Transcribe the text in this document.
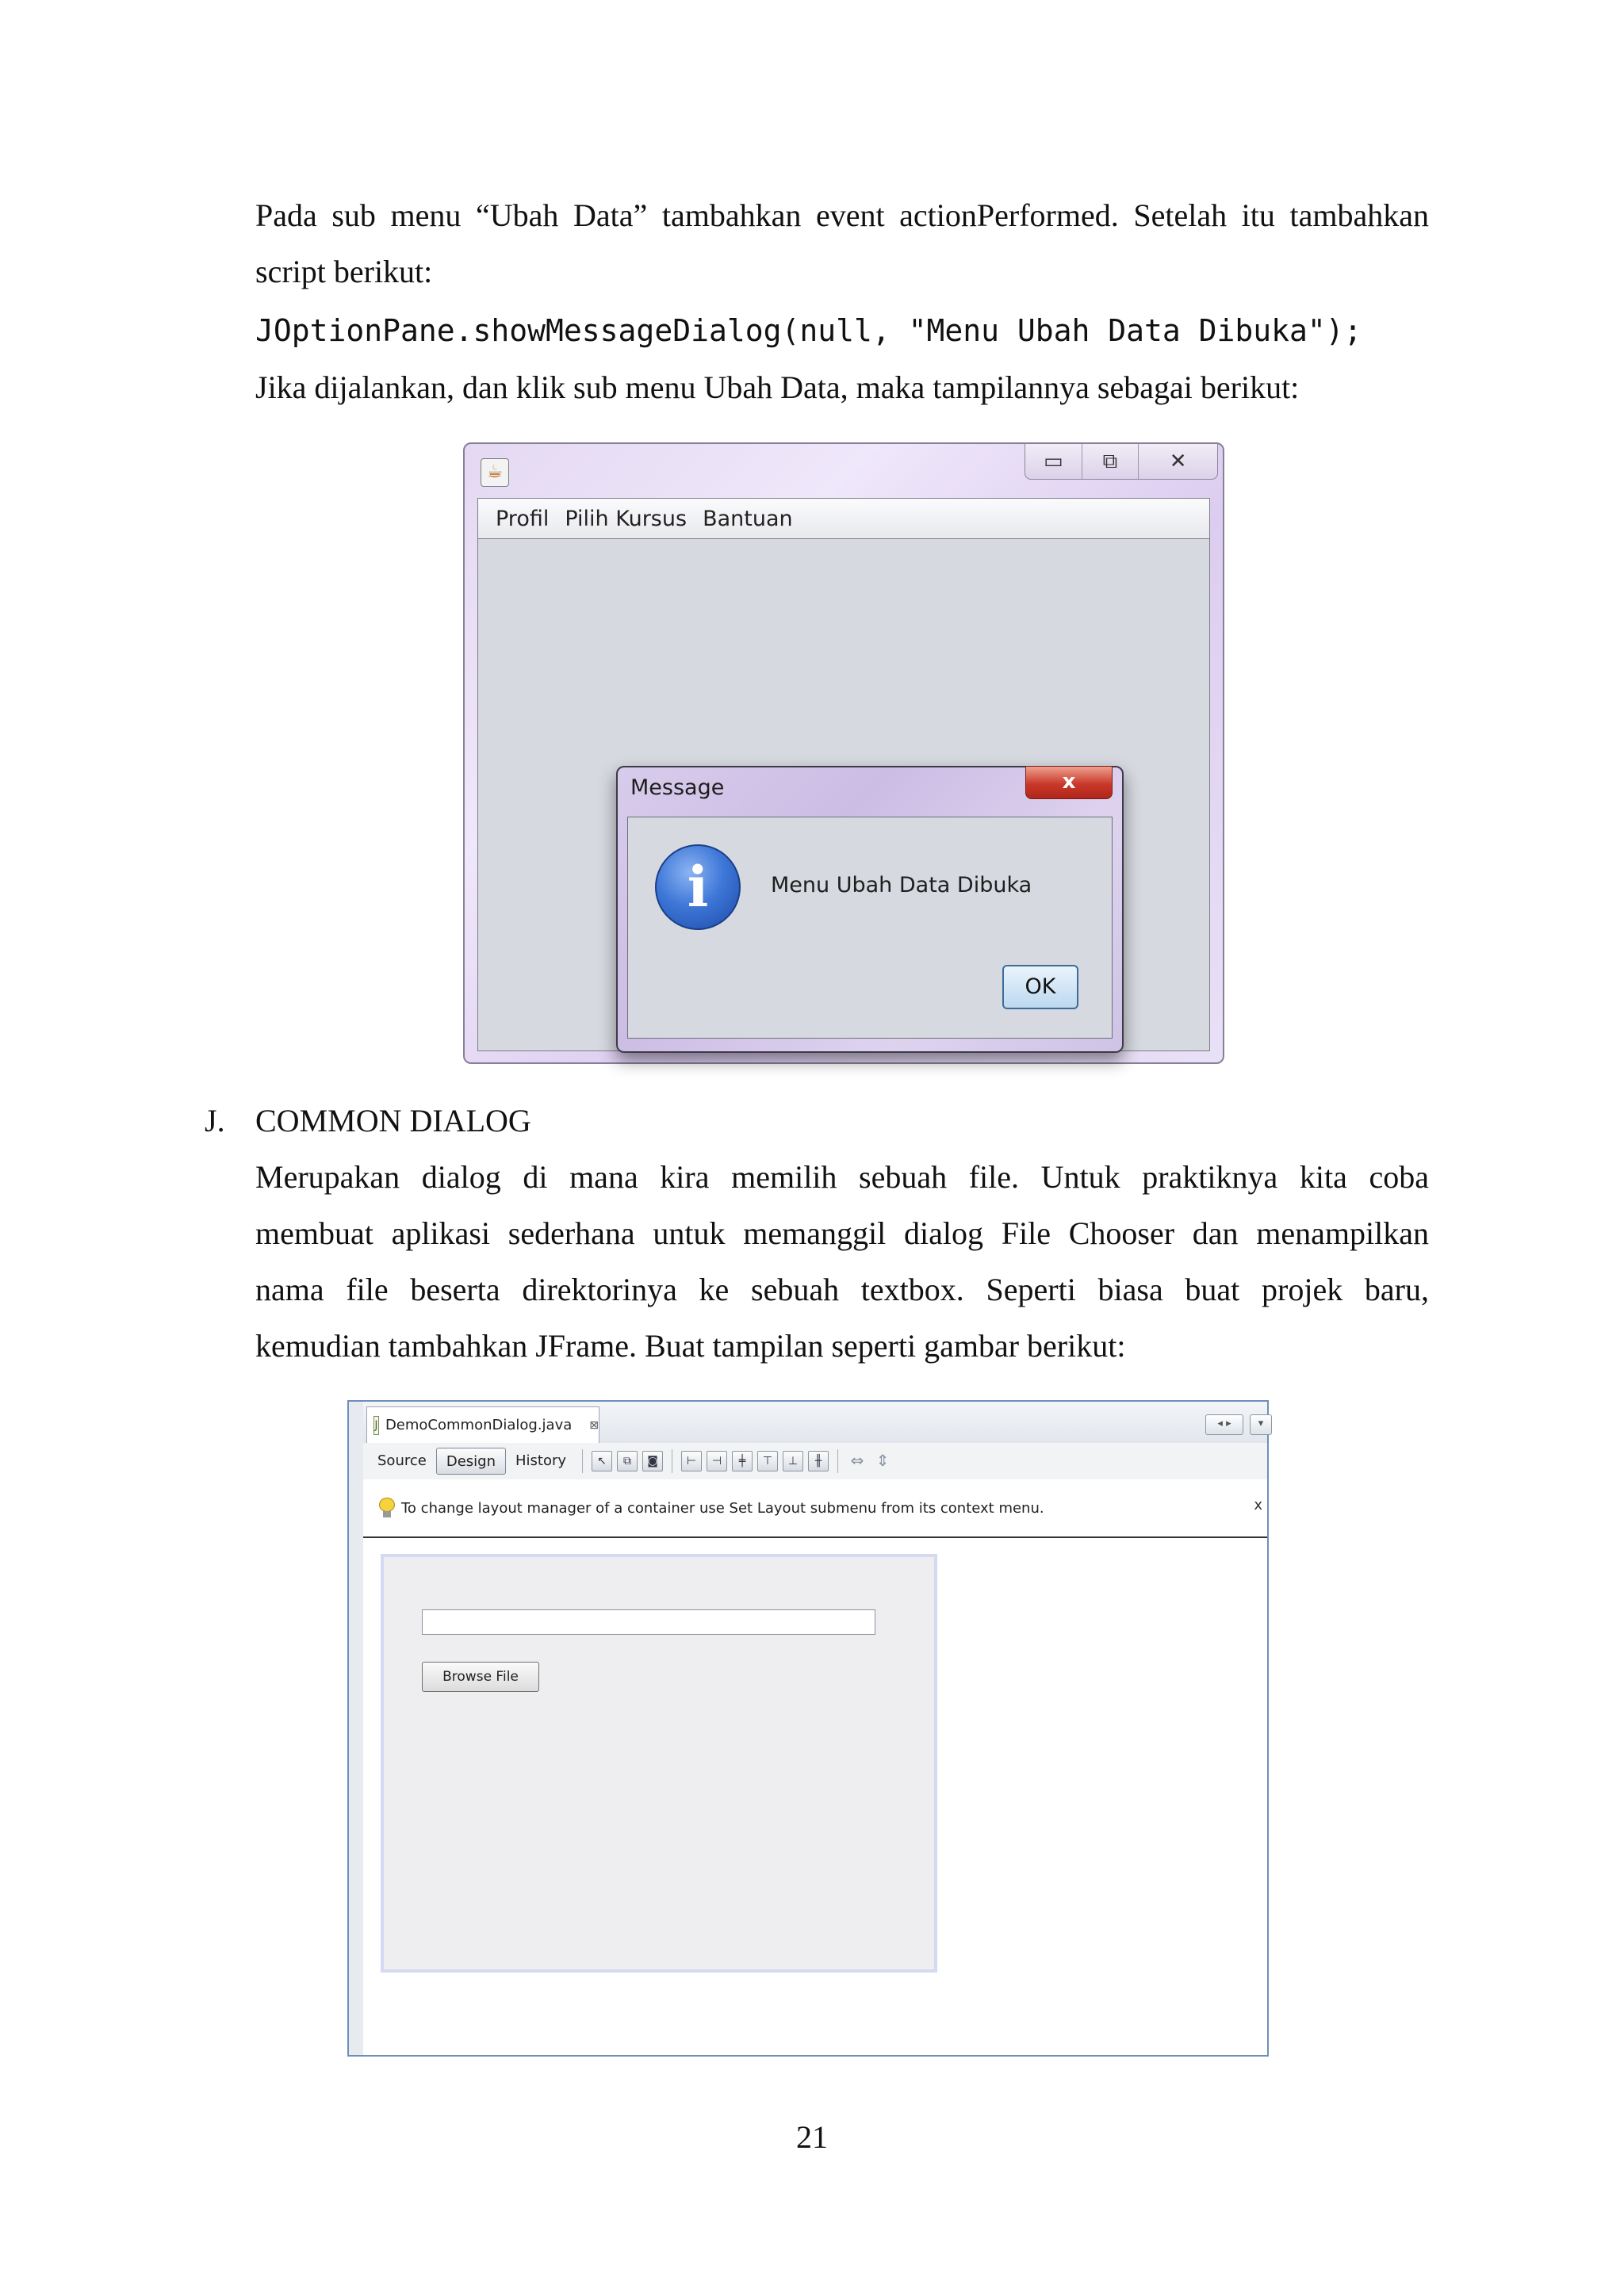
Pada sub menu “Ubah Data” tambahkan event actionPerformed. Setelah itu tambahkan

script berikut:

JOptionPane.showMessageDialog(null, "Menu Ubah Data Dibuka");

Jika dijalankan, dan klik sub menu Ubah Data, maka tampilannya sebagai berikut:

☕	▭	⧉	✕
Profil Pilih Kursus Bantuan
Message	x
i	Menu Ubah Data Dibuka
OK
J. COMMON DIALOG

Merupakan dialog di mana kira memilih sebuah file. Untuk praktiknya kita coba

membuat aplikasi sederhana untuk memanggil dialog File Chooser dan menampilkan

nama file beserta direktorinya ke sebuah textbox. Seperti biasa buat projek baru,

kemudian tambahkan JFrame. Buat tampilan seperti gambar berikut:

J DemoCommonDialog.java ⊠	◂ ▸	▾
Source	Design	History	↖	⧉	◙	⊢	⊣	╪	⊤	⊥	╫	⇔ ⇕
To change layout manager of a container use Set Layout submenu from its context menu.	x
Browse File
21
